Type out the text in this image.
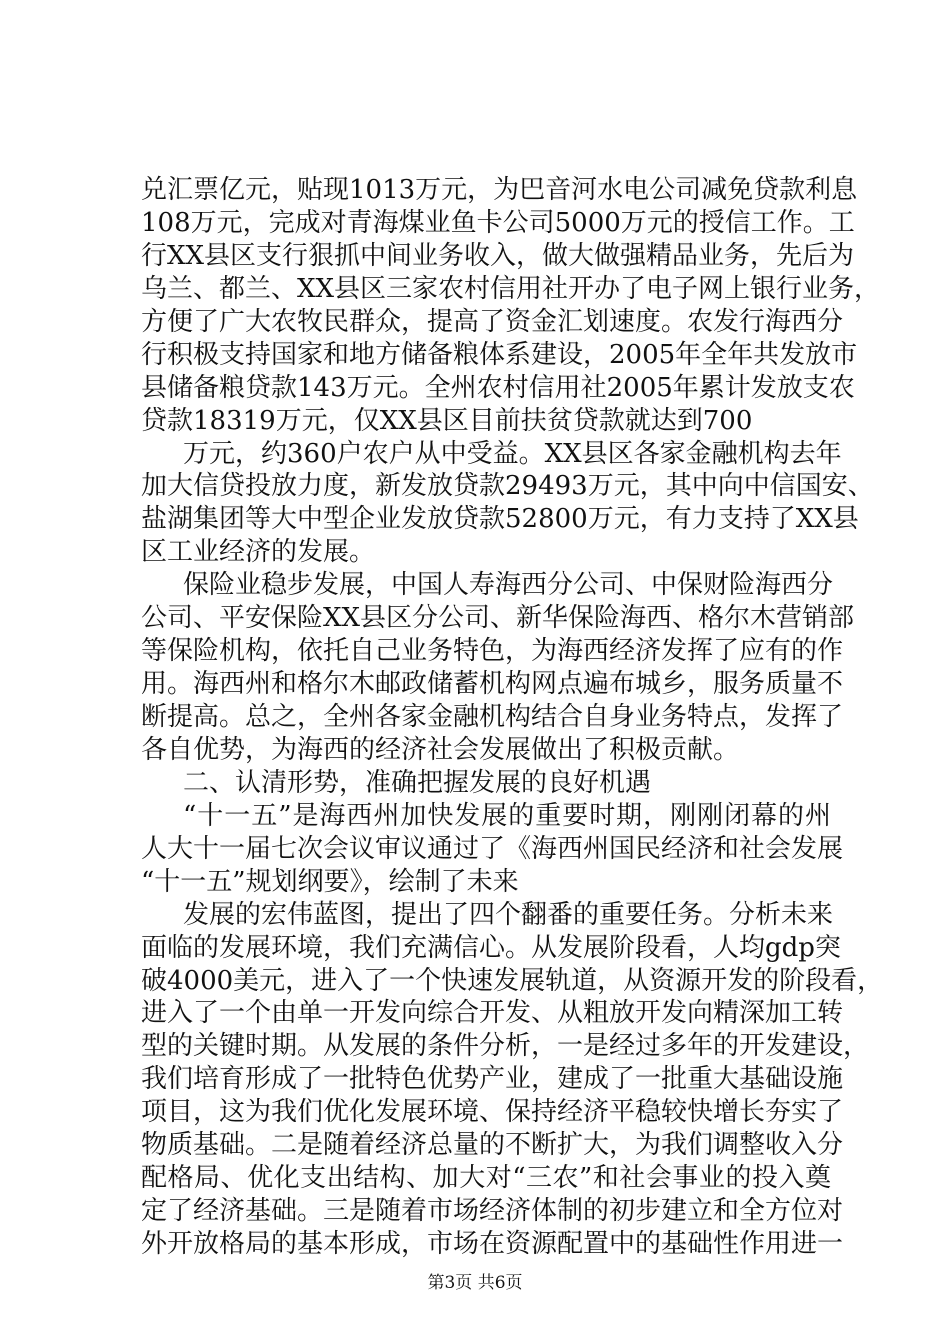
兑汇票亿元，贴现1013万元，为巴音河水电公司减免贷款利息
108万元，完成对青海煤业鱼卡公司5000万元的授信工作。工
行XX县区支行狠抓中间业务收入，做大做强精品业务，先后为
乌兰、都兰、XX县区三家农村信用社开办了电子网上银行业务，
方便了广大农牧民群众，提高了资金汇划速度。农发行海西分
行积极支持国家和地方储备粮体系建设，2005年全年共发放市
县储备粮贷款143万元。全州农村信用社2005年累计发放支农
贷款18319万元，仅XX县区目前扶贫贷款就达到700
万元，约360户农户从中受益。XX县区各家金融机构去年
加大信贷投放力度，新发放贷款29493万元，其中向中信国安、
盐湖集团等大中型企业发放贷款52800万元，有力支持了XX县
区工业经济的发展。
保险业稳步发展，中国人寿海西分公司、中保财险海西分
公司、平安保险XX县区分公司、新华保险海西、格尔木营销部
等保险机构，依托自己业务特色，为海西经济发挥了应有的作
用。海西州和格尔木邮政储蓄机构网点遍布城乡，服务质量不
断提高。总之，全州各家金融机构结合自身业务特点，发挥了
各自优势，为海西的经济社会发展做出了积极贡献。
二、认清形势，准确把握发展的良好机遇
“十一五”是海西州加快发展的重要时期，刚刚闭幕的州
人大十一届七次会议审议通过了《海西州国民经济和社会发展
“十一五”规划纲要》，绘制了未来
发展的宏伟蓝图，提出了四个翻番的重要任务。分析未来
面临的发展环境，我们充满信心。从发展阶段看，人均gdp突
破4000美元，进入了一个快速发展轨道，从资源开发的阶段看，
进入了一个由单一开发向综合开发、从粗放开发向精深加工转
型的关键时期。从发展的条件分析，一是经过多年的开发建设，
我们培育形成了一批特色优势产业，建成了一批重大基础设施
项目，这为我们优化发展环境、保持经济平稳较快增长夯实了
物质基础。二是随着经济总量的不断扩大，为我们调整收入分
配格局、优化支出结构、加大对“三农”和社会事业的投入奠
定了经济基础。三是随着市场经济体制的初步建立和全方位对
外开放格局的基本形成，市场在资源配置中的基础性作用进一
第3页 共6页
